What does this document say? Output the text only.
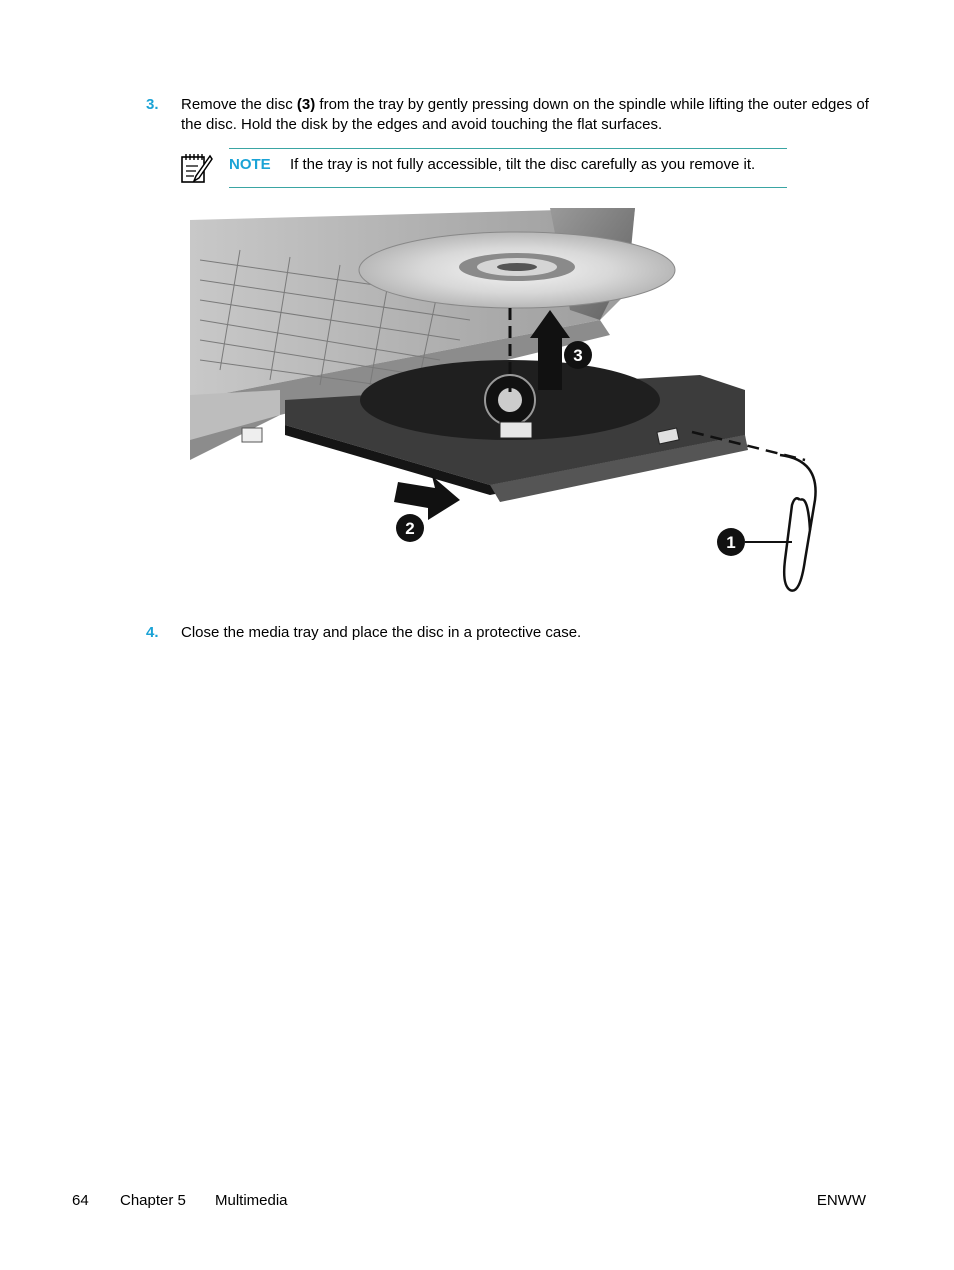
3. Remove the disc (3) from the tray by gently pressing down on the spindle while lifting the outer edges of the disc. Hold the disk by the edges and avoid touching the flat surfaces.
NOTE If the tray is not fully accessible, tilt the disc carefully as you remove it.
3
2
1
4. Close the media tray and place the disc in a protective case.
64 Chapter 5 Multimedia	ENWW
